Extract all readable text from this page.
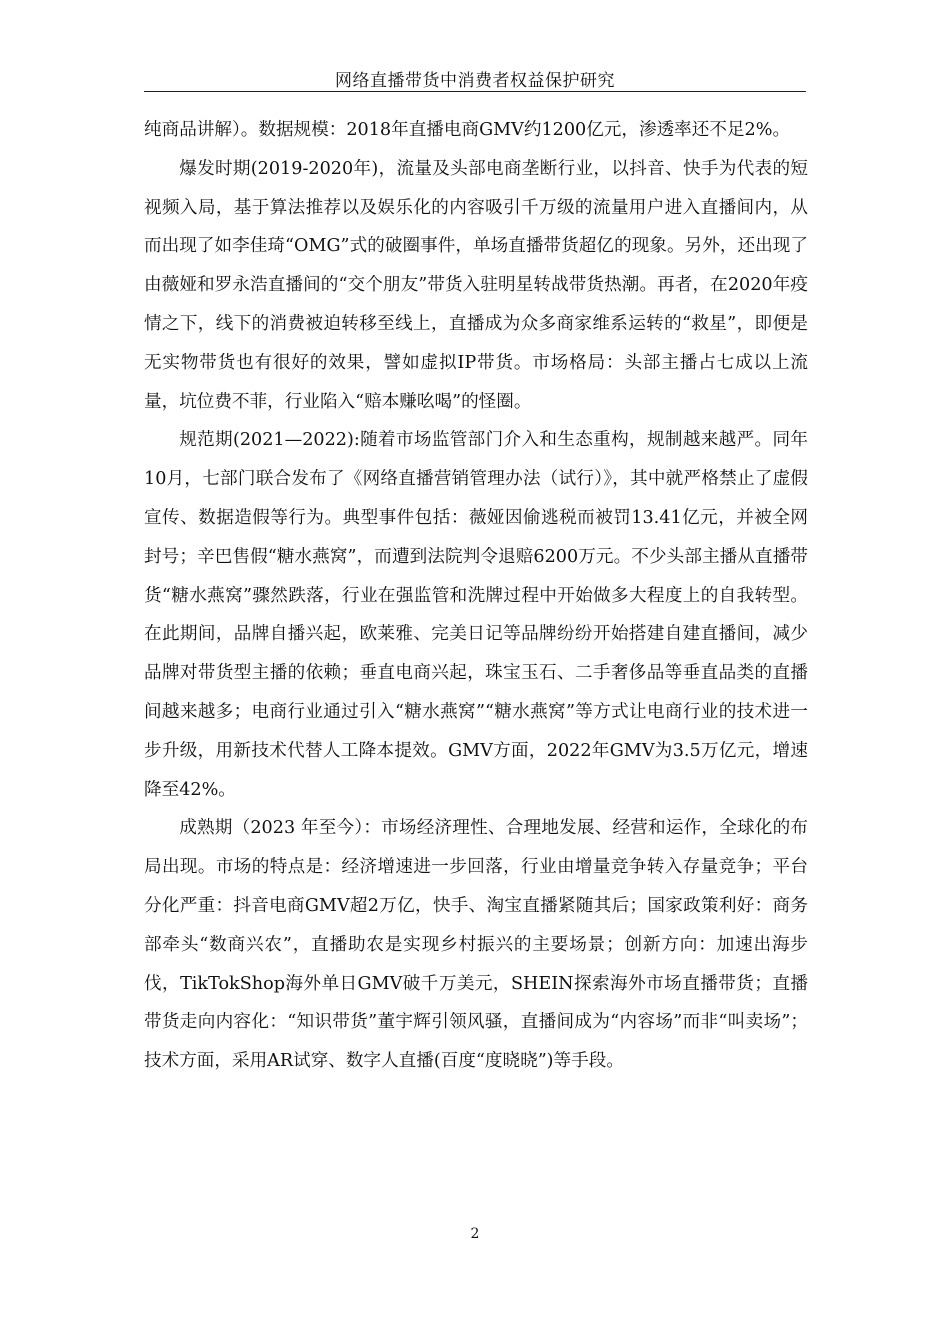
网络直播带货中消费者权益保护研究

纯商品讲解）。数据规模：2018年直播电商GMV约1200亿元，渗透率还不足2%。

爆发时期(2019-2020年)，流量及头部电商垄断行业，以抖音、快手为代表的短视频入局，基于算法推荐以及娱乐化的内容吸引千万级的流量用户进入直播间内，从而出现了如李佳琦“OMG”式的破圈事件，单场直播带货超亿的现象。另外，还出现了由薇娅和罗永浩直播间的“交个朋友”带货入驻明星转战带货热潮。再者，在2020年疫情之下，线下的消费被迫转移至线上，直播成为众多商家维系运转的“救星”，即便是无实物带货也有很好的效果，譬如虚拟IP带货。市场格局：头部主播占七成以上流量，坑位费不菲，行业陷入“赔本赚吆喝”的怪圈。

规范期(2021—2022):随着市场监管部门介入和生态重构，规制越来越严。同年10月，七部门联合发布了《网络直播营销管理办法（试行）》，其中就严格禁止了虚假宣传、数据造假等行为。典型事件包括：薇娅因偷逃税而被罚13.41亿元，并被全网封号；辛巴售假“糖水燕窝”，而遭到法院判令退赔6200万元。不少头部主播从直播带货“糖水燕窝”骤然跌落，行业在强监管和洗牌过程中开始做多大程度上的自我转型。在此期间，品牌自播兴起，欧莱雅、完美日记等品牌纷纷开始搭建自建直播间，减少品牌对带货型主播的依赖；垂直电商兴起，珠宝玉石、二手奢侈品等垂直品类的直播间越来越多；电商行业通过引入“糖水燕窝”“糖水燕窝”等方式让电商行业的技术进一步升级，用新技术代替人工降本提效。GMV方面，2022年GMV为3.5万亿元，增速降至42%。

成熟期（2023 年至今）：市场经济理性、合理地发展、经营和运作，全球化的布局出现。市场的特点是：经济增速进一步回落，行业由增量竞争转入存量竞争；平台分化严重：抖音电商GMV超2万亿，快手、淘宝直播紧随其后；国家政策利好：商务部牵头“数商兴农”，直播助农是实现乡村振兴的主要场景；创新方向：加速出海步伐，TikTokShop海外单日GMV破千万美元，SHEIN探索海外市场直播带货；直播带货走向内容化：“知识带货”董宇辉引领风骚，直播间成为“内容场”而非“叫卖场”；技术方面，采用AR试穿、数字人直播(百度“度晓晓”)等手段。

2
